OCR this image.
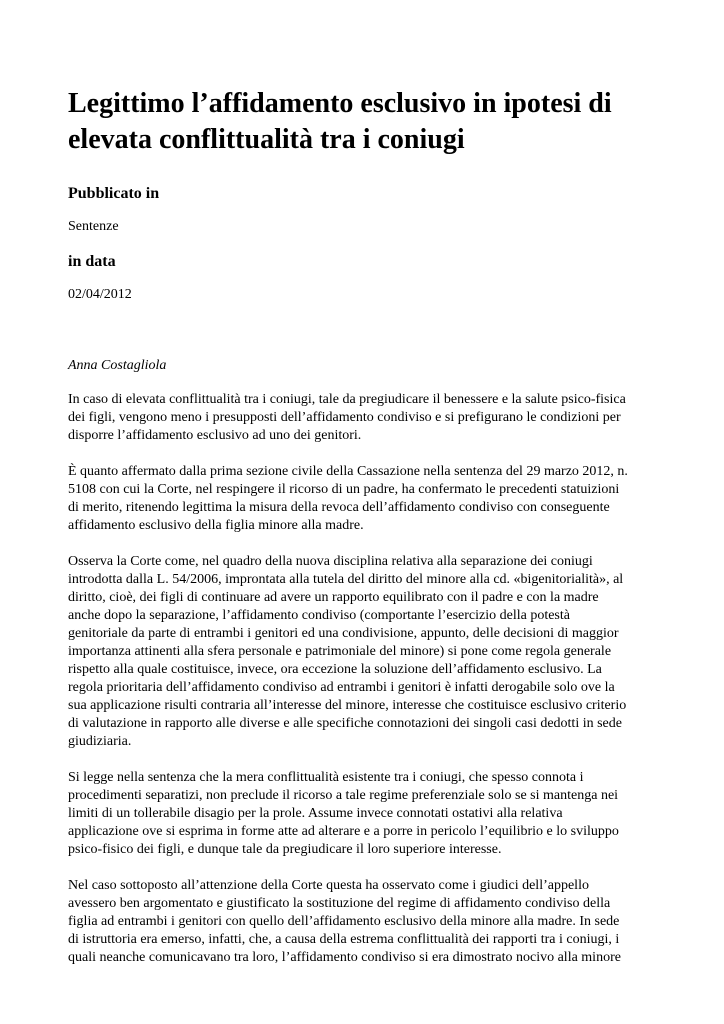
Legittimo l’affidamento esclusivo in ipotesi di
elevata conflittualità tra i coniugi

Pubblicato in

Sentenze

in data

02/04/2012

Anna Costagliola

In caso di elevata conflittualità tra i coniugi, tale da pregiudicare il benessere e la salute psico-fisica
dei figli, vengono meno i presupposti dell’affidamento condiviso e si prefigurano le condizioni per
disporre l’affidamento esclusivo ad uno dei genitori.
È quanto affermato dalla prima sezione civile della Cassazione nella sentenza del 29 marzo 2012, n.
5108 con cui la Corte, nel respingere il ricorso di un padre, ha confermato le precedenti statuizioni
di merito, ritenendo legittima la misura della revoca dell’affidamento condiviso con conseguente
affidamento esclusivo della figlia minore alla madre.
Osserva la Corte come, nel quadro della nuova disciplina relativa alla separazione dei coniugi
introdotta dalla L. 54/2006, improntata alla tutela del diritto del minore alla cd. «bigenitorialità», al
diritto, cioè, dei figli di continuare ad avere un rapporto equilibrato con il padre e con la madre
anche dopo la separazione, l’affidamento condiviso (comportante l’esercizio della potestà
genitoriale da parte di entrambi i genitori ed una condivisione, appunto, delle decisioni di maggior
importanza attinenti alla sfera personale e patrimoniale del minore) si pone come regola generale
rispetto alla quale costituisce, invece, ora eccezione la soluzione dell’affidamento esclusivo. La
regola prioritaria dell’affidamento condiviso ad entrambi i genitori è infatti derogabile solo ove la
sua applicazione risulti contraria all’interesse del minore, interesse che costituisce esclusivo criterio
di valutazione in rapporto alle diverse e alle specifiche connotazioni dei singoli casi dedotti in sede
giudiziaria.
Si legge nella sentenza che la mera conflittualità esistente tra i coniugi, che spesso connota i
procedimenti separatizi, non preclude il ricorso a tale regime preferenziale solo se si mantenga nei
limiti di un tollerabile disagio per la prole. Assume invece connotati ostativi alla relativa
applicazione ove si esprima in forme atte ad alterare e a porre in pericolo l’equilibrio e lo sviluppo
psico-fisico dei figli, e dunque tale da pregiudicare il loro superiore interesse.
Nel caso sottoposto all’attenzione della Corte questa ha osservato come i giudici dell’appello
avessero ben argomentato e giustificato la sostituzione del regime di affidamento condiviso della
figlia ad entrambi i genitori con quello dell’affidamento esclusivo della minore alla madre. In sede
di istruttoria era emerso, infatti, che, a causa della estrema conflittualità dei rapporti tra i coniugi, i
quali neanche comunicavano tra loro, l’affidamento condiviso si era dimostrato nocivo alla minore
